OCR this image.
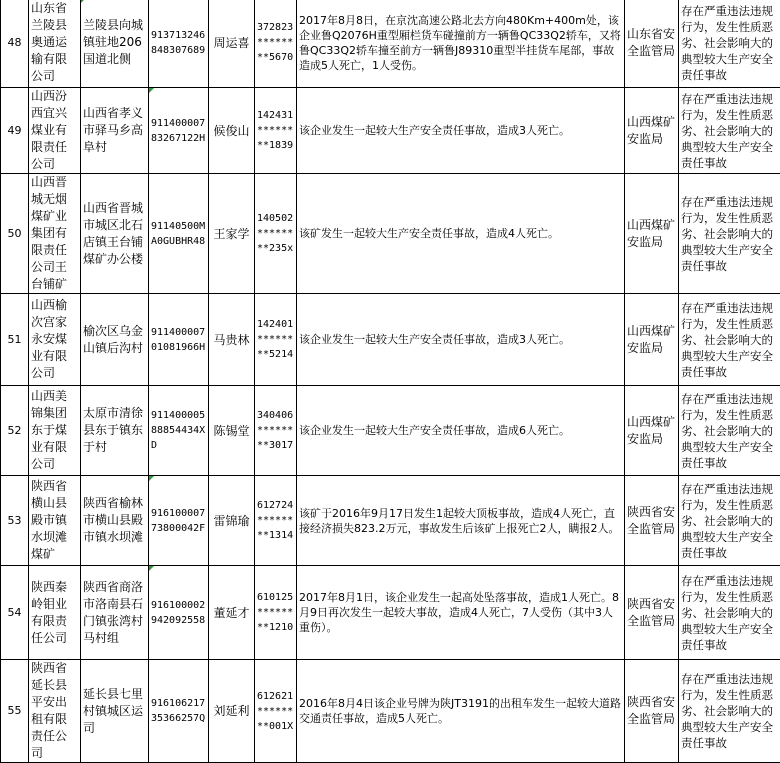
48	山东省兰陵县奥通运输有限公司	兰陵县向城镇驻地206国道北侧	913713246848307689	周运喜	372823********5670	2017年8月8日，在京沈高速公路北去方向480Km+400m处，该企业鲁Q2076H重型厢栏货车碰撞前方一辆鲁QC33Q2轿车，又将鲁QC33Q2轿车撞至前方一辆鲁J89310重型半挂货车尾部，事故造成5人死亡，1人受伤。	山东省安全监管局	存在严重违法违规行为，发生性质恶劣、社会影响大的典型较大生产安全责任事故
49	山西汾西宜兴煤业有限责任公司	山西省孝义市驿马乡高阜村	91140000783267122H	候俊山	142431********1839	该企业发生一起较大生产安全责任事故，造成3人死亡。	山西煤矿安监局	存在严重违法违规行为，发生性质恶劣、社会影响大的典型较大生产安全责任事故
50	山西晋城无烟煤矿业集团有限责任公司王台铺矿	山西省晋城市城区北石店镇王台铺煤矿办公楼	91140500MA0GUBHR48	王家学	140502********235x	该矿发生一起较大生产安全责任事故，造成4人死亡。	山西煤矿安监局	存在严重违法违规行为，发生性质恶劣、社会影响大的典型较大生产安全责任事故
51	山西榆次宫家永安煤业有限公司	榆次区乌金山镇后沟村	91140000701081966H	马贵林	142401********5214	该企业发生一起较大生产安全责任事故，造成3人死亡。	山西煤矿安监局	存在严重违法违规行为，发生性质恶劣、社会影响大的典型较大生产安全责任事故
52	山西美锦集团东于煤业有限公司	太原市清徐县东于镇东于村	91140000588854434XD	陈锡堂	340406********3017	该企业发生一起较大生产安全责任事故，造成6人死亡。	山西煤矿安监局	存在严重违法违规行为，发生性质恶劣、社会影响大的典型较大生产安全责任事故
53	陕西省横山县殿市镇水坝滩煤矿	陕西省榆林市横山县殿市镇水坝滩	91610000773800042F	雷锦瑜	612724********1314	该矿于2016年9月17日发生1起较大顶板事故，造成4人死亡，直接经济损失823.2万元，事故发生后该矿上报死亡2人，瞒报2人。	陕西省安全监管局	存在严重违法违规行为，发生性质恶劣、社会影响大的典型较大生产安全责任事故
54	陕西秦岭钼业有限责任公司	陕西省商洛市洛南县石门镇张湾村马村组	916100002942092558	董延才	610125********1210	2017年8月1日，该企业发生一起高处坠落事故，造成1人死亡。8月9日再次发生一起较大事故，造成4人死亡，7人受伤（其中3人重伤）。	陕西省安全监管局	存在严重违法违规行为，发生性质恶劣、社会影响大的典型较大生产安全责任事故
55	陕西省延长县平安出租有限责任公司	延长县七里村镇城区运司	91610621735366257Q	刘延利	612621********001X	2016年8月4日该企业号牌为陕JT3191的出租车发生一起较大道路交通责任事故，造成5人死亡。	陕西省安全监管局	存在严重违法违规行为，发生性质恶劣、社会影响大的典型较大生产安全责任事故
